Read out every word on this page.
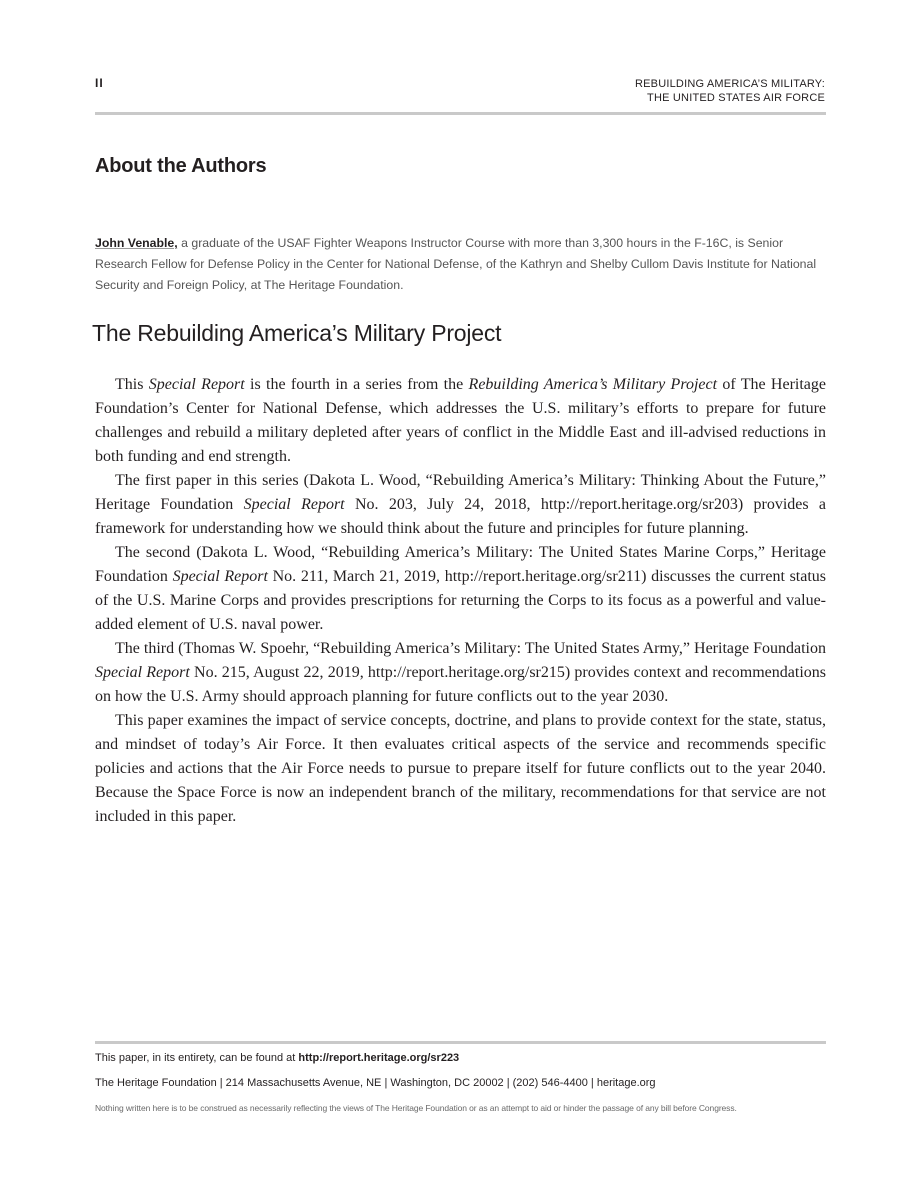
II	REBUILDING AMERICA’S MILITARY:
THE UNITED STATES AIR FORCE
About the Authors

John Venable, a graduate of the USAF Fighter Weapons Instructor Course with more than 3,300 hours in the F-16C, is Senior Research Fellow for Defense Policy in the Center for National Defense, of the Kathryn and Shelby Cullom Davis Institute for National Security and Foreign Policy, at The Heritage Foundation.

The Rebuilding America’s Military Project

This Special Report is the fourth in a series from the Rebuilding America’s Military Project of The Heritage Foundation’s Center for National Defense, which addresses the U.S. military’s efforts to prepare for future challenges and rebuild a military depleted after years of conflict in the Middle East and ill-advised reductions in both funding and end strength.

The first paper in this series (Dakota L. Wood, “Rebuilding America’s Military: Thinking About the Future,” Heritage Foundation Special Report No. 203, July 24, 2018, http://report.heritage.org/sr203) provides a framework for understanding how we should think about the future and principles for future planning.

The second (Dakota L. Wood, “Rebuilding America’s Military: The United States Marine Corps,” Heritage Foundation Special Report No. 211, March 21, 2019, http://report.heritage.org/sr211) discusses the current status of the U.S. Marine Corps and provides prescriptions for returning the Corps to its focus as a powerful and value-added element of U.S. naval power.

The third (Thomas W. Spoehr, “Rebuilding America’s Military: The United States Army,” Heritage Foundation Special Report No. 215, August 22, 2019, http://report.heritage.org/sr215) provides context and recommendations on how the U.S. Army should approach planning for future conflicts out to the year 2030.

This paper examines the impact of service concepts, doctrine, and plans to provide context for the state, status, and mindset of today’s Air Force. It then evaluates critical aspects of the service and recommends specific policies and actions that the Air Force needs to pursue to prepare itself for future conflicts out to the year 2040. Because the Space Force is now an independent branch of the military, recommendations for that service are not included in this paper.

This paper, in its entirety, can be found at http://report.heritage.org/sr223
The Heritage Foundation | 214 Massachusetts Avenue, NE | Washington, DC 20002 | (202) 546-4400 | heritage.org
Nothing written here is to be construed as necessarily reflecting the views of The Heritage Foundation or as an attempt to aid or hinder the passage of any bill before Congress.
